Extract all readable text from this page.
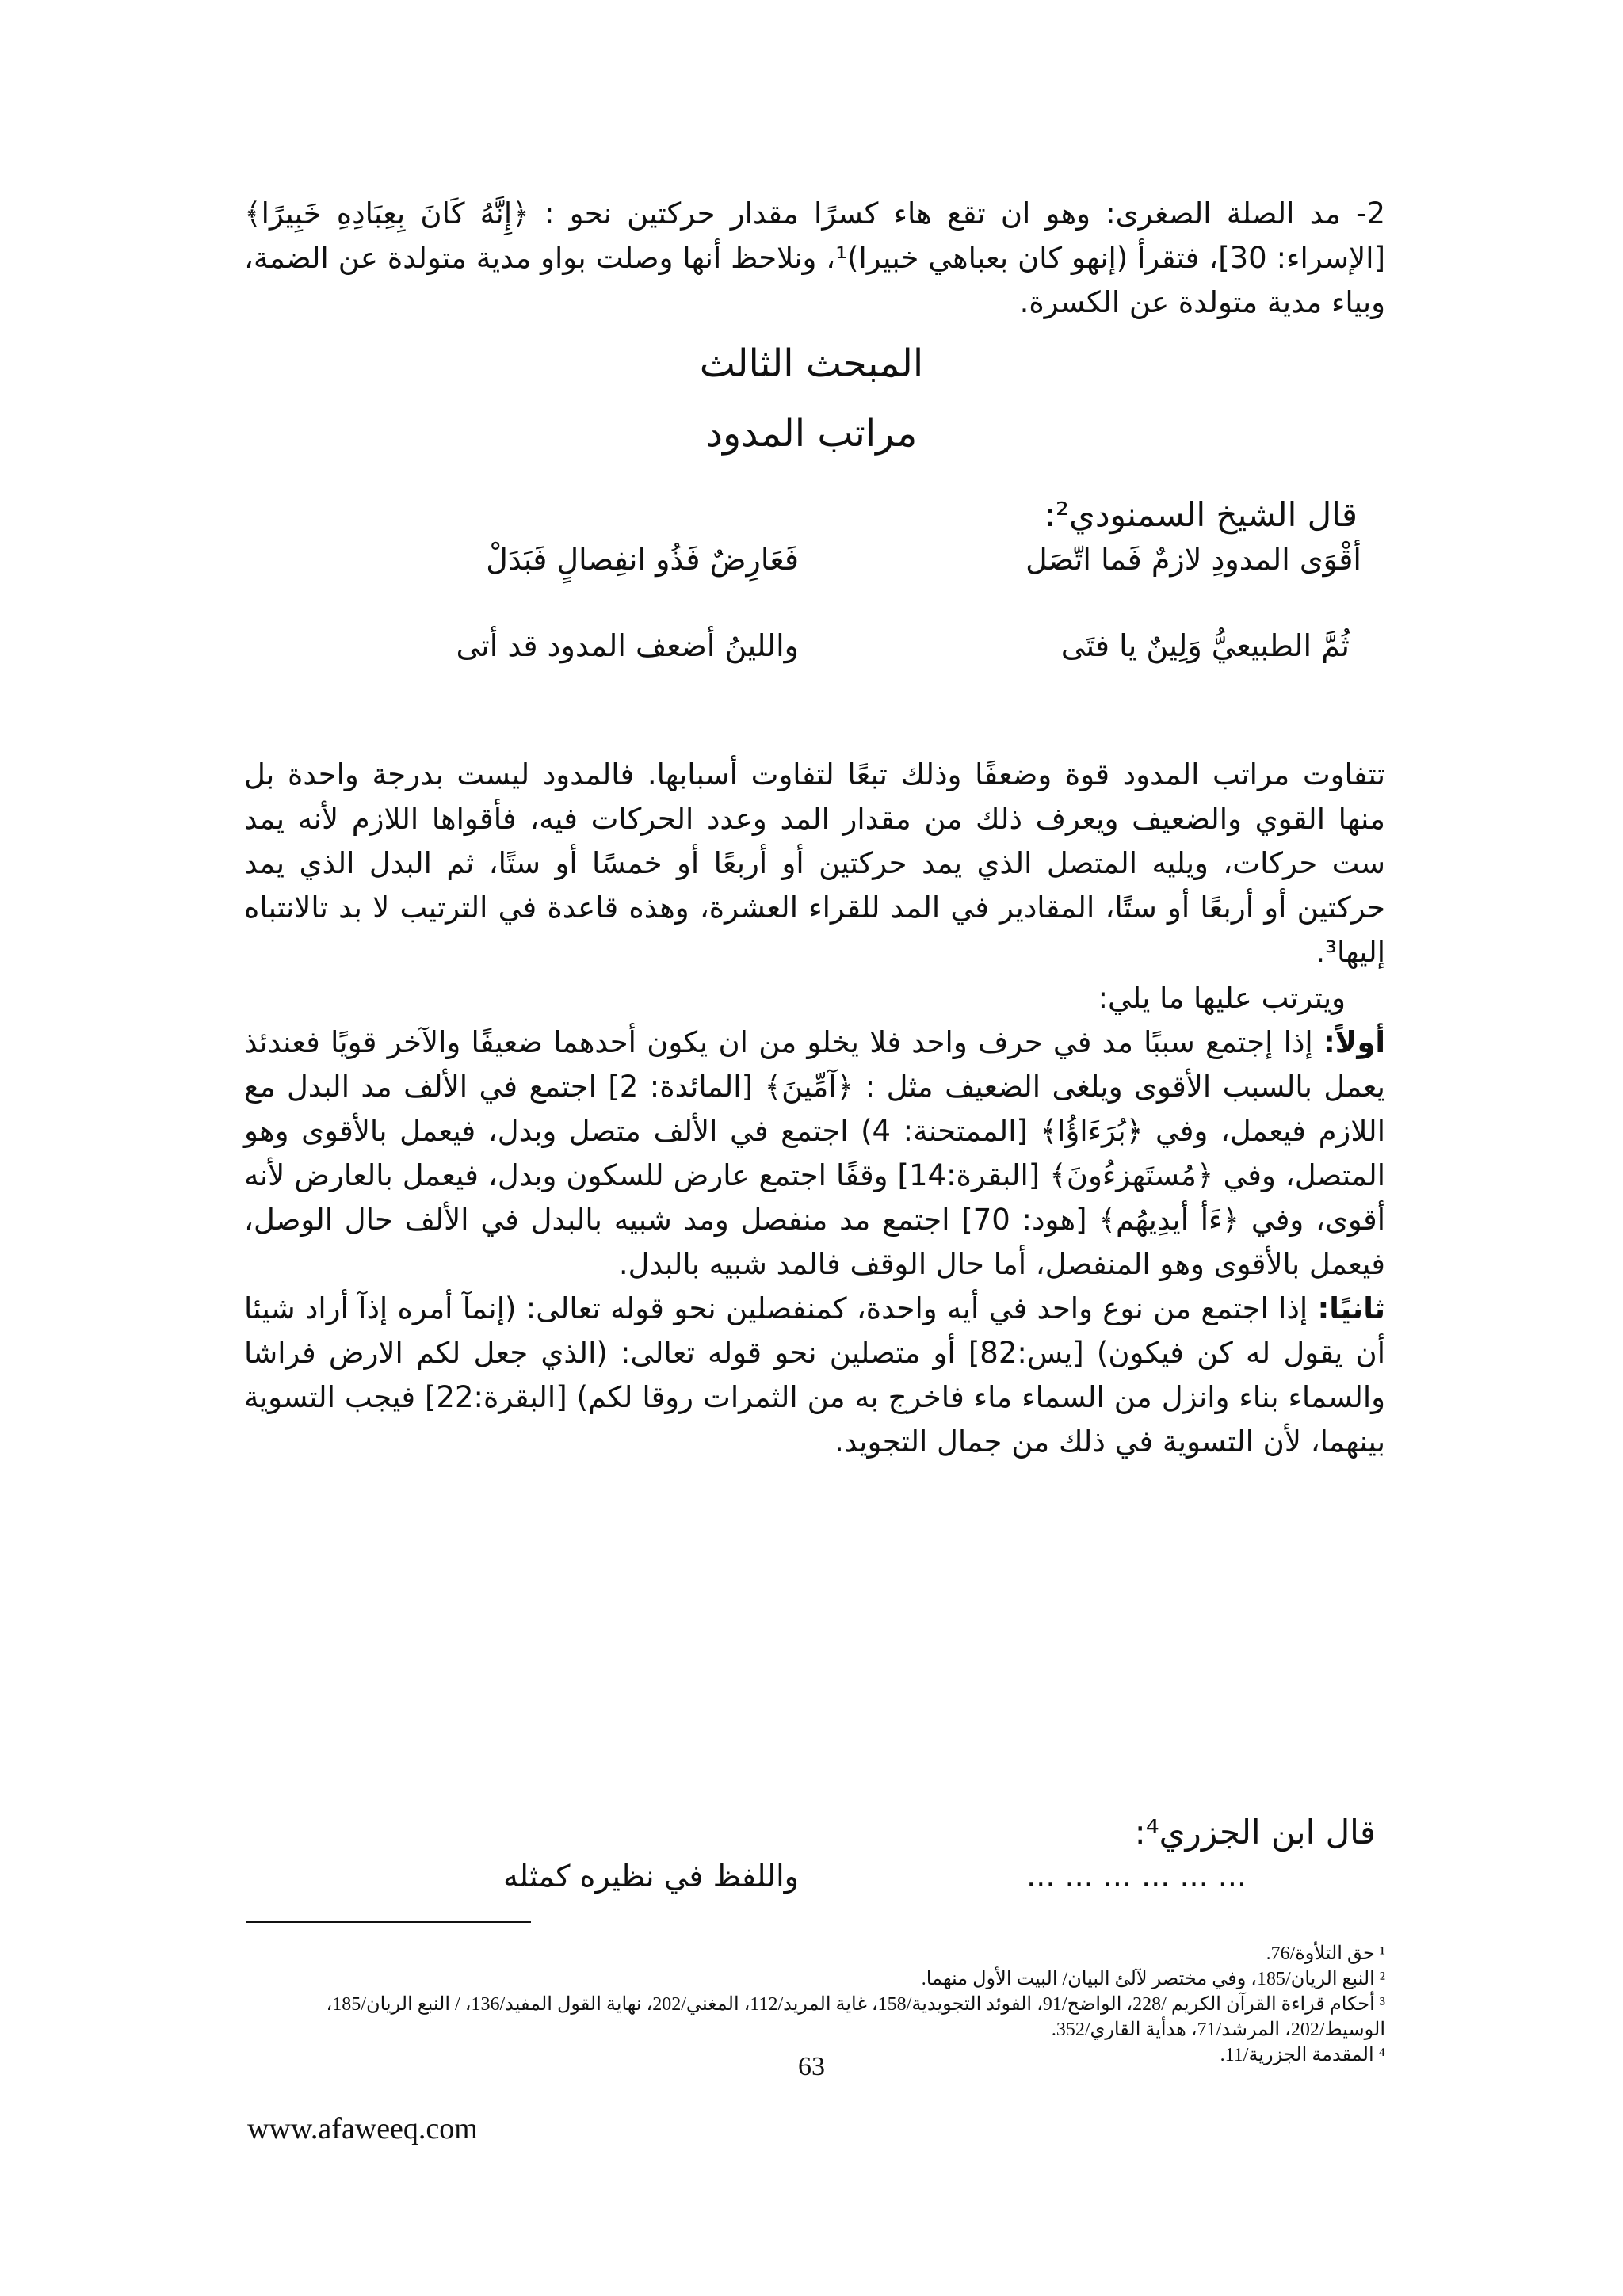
2- مد الصلة الصغرى: وهو ان تقع هاء كسرًا مقدار حركتين نحو : ﴿إِنَّهُ كَانَ بِعِبَادِهِ خَبِيرًا﴾ [الإسراء: 30]، فتقرأ (إنهو كان بعباهي خبيرا)¹، ونلاحظ أنها وصلت بواو مدية متولدة عن الضمة، وبياء مدية متولدة عن الكسرة.

المبحث الثالث

مراتب المدود

قال الشيخ السمنودي²:
أقْوَى المدودِ لازمٌ فَما اتّصَل
فَعَارِضٌ فَذُو انفِصالٍ فَبَدَلْ
ثُمَّ الطبيعيُّ وَلِينٌ يا فتَى
واللينُ أضعف المدود قد أتى

تتفاوت مراتب المدود قوة وضعفًا وذلك تبعًا لتفاوت أسبابها. فالمدود ليست بدرجة واحدة بل منها القوي والضعيف ويعرف ذلك من مقدار المد وعدد الحركات فيه، فأقواها اللازم لأنه يمد ست حركات، ويليه المتصل الذي يمد حركتين أو أربعًا أو خمسًا أو ستًا، ثم البدل الذي يمد حركتين أو أربعًا أو ستًا، المقادير في المد للقراء العشرة، وهذه قاعدة في الترتيب لا بد تالانتباه إليها³.

ويترتب عليها ما يلي:

أولاً: إذا إجتمع سببًا مد في حرف واحد فلا يخلو من ان يكون أحدهما ضعيفًا والآخر قويًا فعندئذ يعمل بالسبب الأقوى ويلغى الضعيف مثل : ﴿آمِّينَ﴾ [المائدة: 2] اجتمع في الألف مد البدل مع اللازم فيعمل، وفي ﴿بُرَءَاؤُا﴾ [الممتحنة: 4) اجتمع في الألف متصل وبدل، فيعمل بالأقوى وهو المتصل، وفي ﴿مُستَهزءُونَ﴾ [البقرة:14] وقفًا اجتمع عارض للسكون وبدل، فيعمل بالعارض لأنه أقوى، وفي ﴿ءَأ أيدِيهُم﴾ [هود: 70] اجتمع مد منفصل ومد شبيه بالبدل في الألف حال الوصل، فيعمل بالأقوى وهو المنفصل، أما حال الوقف فالمد شبيه بالبدل.

ثانيًا: إذا اجتمع من نوع واحد في أيه واحدة، كمنفصلين نحو قوله تعالى: (إنمآ أمره إذآ أراد شيئا أن يقول له كن فيكون) [يس:82] أو متصلين نحو قوله تعالى: (الذي جعل لكم الارض فراشا والسماء بناء وانزل من السماء ماء فاخرج به من الثمرات روقا لكم) [البقرة:22] فيجب التسوية بينهما، لأن التسوية في ذلك من جمال التجويد.

قال ابن الجزري⁴:
... ... ... ... ... ...
واللفظ في نظيره كمثله

¹ حق التلأوة/76.

² النبع الريان/185، وفي مختصر لآلئ البيان/ البيت الأول منهما.

³ أحكام قراءة القرآن الكريم /228، الواضح/91، الفوئد التجويدية/158، غاية المريد/112، المغني/202، نهاية القول المفيد/136، / النبع الريان/185، الوسيط/202، المرشد/71، هدأية القاري/352.

⁴ المقدمة الجزرية/11.

63
www.afaweeq.com
